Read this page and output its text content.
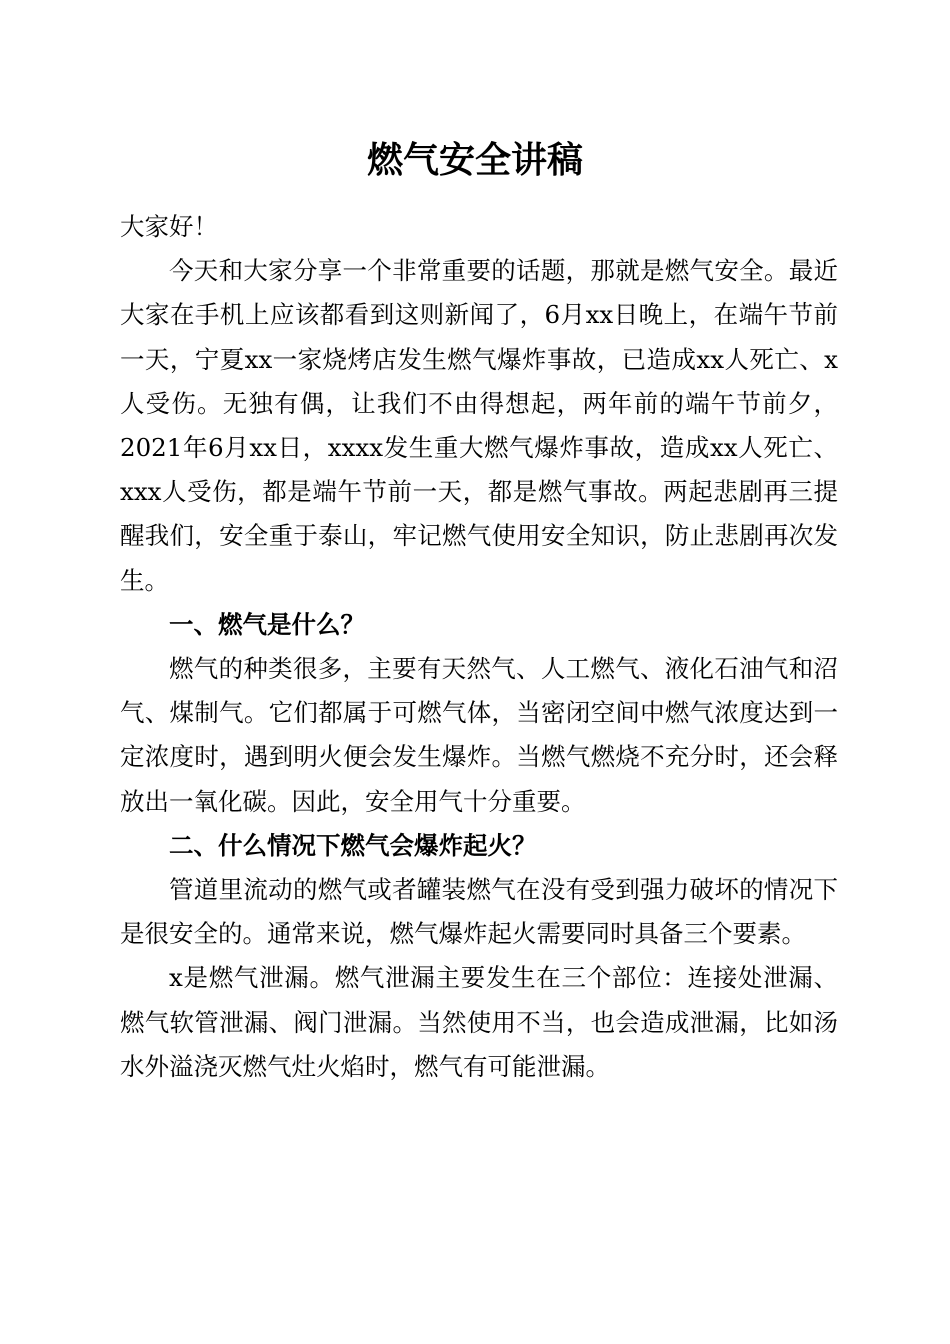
燃气安全讲稿

大家好！

今天和大家分享一个非常重要的话题，那就是燃气安全。最近大家在手机上应该都看到这则新闻了，6月xx日晚上，在端午节前一天，宁夏xx一家烧烤店发生燃气爆炸事故，已造成xx人死亡、x人受伤。无独有偶，让我们不由得想起，两年前的端午节前夕，2021年6月xx日，xxxx发生重大燃气爆炸事故，造成xx人死亡、xxx人受伤，都是端午节前一天，都是燃气事故。两起悲剧再三提醒我们，安全重于泰山，牢记燃气使用安全知识，防止悲剧再次发生。

一、燃气是什么？

燃气的种类很多，主要有天然气、人工燃气、液化石油气和沼气、煤制气。它们都属于可燃气体，当密闭空间中燃气浓度达到一定浓度时，遇到明火便会发生爆炸。当燃气燃烧不充分时，还会释放出一氧化碳。因此，安全用气十分重要。

二、什么情况下燃气会爆炸起火？

管道里流动的燃气或者罐装燃气在没有受到强力破坏的情况下是很安全的。通常来说，燃气爆炸起火需要同时具备三个要素。

x是燃气泄漏。燃气泄漏主要发生在三个部位：连接处泄漏、燃气软管泄漏、阀门泄漏。当然使用不当，也会造成泄漏，比如汤水外溢浇灭燃气灶火焰时，燃气有可能泄漏。
